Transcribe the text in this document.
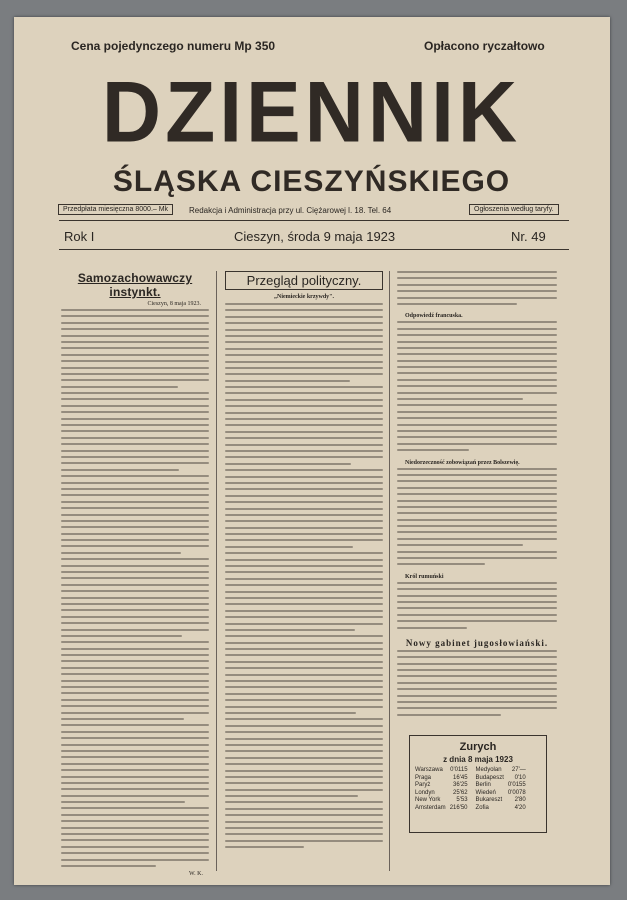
Cena pojedynczego numeru Mp 350	Opłacono ryczałtowo
DZIENNIK
ŚLĄSKA CIESZYŃSKIEGO
Przedpłata miesięczna 8000.– Mk	Redakcja i Administracja przy ul. Ciężarowej l. 18. Tel. 64	Ogłoszenia według taryfy.
Rok I	Cieszyn, środa 9 maja 1923	Nr. 49
Samozachowawczy instynkt.
Cieszyn, 8 maja 1923.
W. K.
Przegląd polityczny.
„Niemieckie krzywdy".
Odpowiedź francuska.
Niedorzeczność zobowiązań przez Bolszewię.
Król rumuński
Nowy gabinet jugosłowiański.
Zurych
z dnia 8 maja 1923
Warszawa	0'0115	Medyolan	27'—
Praga	16'45	Budapeszt	0'10
Paryż	36'25	Berlin	0'0155
Londyn	25'62	Wiedeń	0'0078
New York	5'53	Bukareszt	2'80
Amsterdam	216'50	Zofia	4'20
